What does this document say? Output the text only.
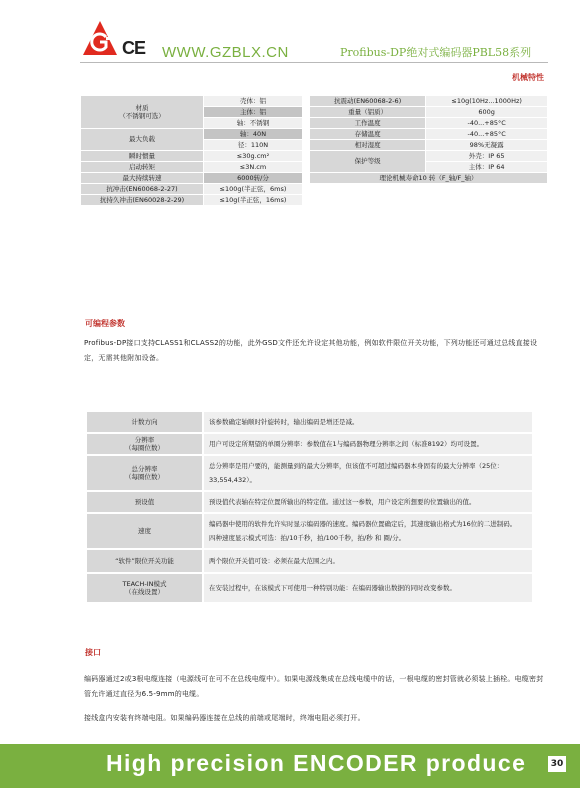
CE WWW.GZBLX.CN	Profibus-DP绝对式编码器PBL58系列
机械特性
材质
（不锈钢可选）	壳体：铝
	主体：铝
	轴：不锈钢
最大负载	轴：40N
	径：110N
瞬时惯量	≤30g.cm²
启动转矩	≤3N.cm
最大持续转速	6000转/分
抗冲击(EN60068-2-27)	≤100g(半正弦，6ms)
抗持久冲击(EN60028-2-29)	≤10g(半正弦，16ms)
抗震动(EN60068-2-6)	≤10g(10Hz...1000Hz)
重量（铝质）	600g
工作温度	-40...+85°C
存储温度	-40...+85°C
相对湿度	98%无凝露
保护等级	外壳：IP 65
	主体：IP 64
理论机械寿命10 转（F_轴/F_轴）	
可编程参数
Profibus-DP接口支持CLASS1和CLASS2的功能，此外GSD文件还允许设定其他功能，例如软件限位开关功能，下列功能还可通过总线直接设定，无需其他附加设备。
计数方向	该参数确定轴顺时针旋转时，输出编码是增还是减。
分辨率
（每圈位数）	用户可设定所期望的单圈分辨率：参数值在1与编码器物理分辨率之间（标准8192）均可设置。
总分辨率
（每圈位数）	总分辨率是用户要的，能测量到的最大分辨率，但该值不可超过编码器本身固有的最大分辨率（25位：33,554,432）。
预设值	预设值代表轴在特定位置所输出的特定值。通过这一参数，用户设定所想要的位置输出的值。
速度	编码器中使用的软件允许实时显示编码器的速度。编码器位置确定后，其速度输出格式为16位的二进制码。
四种速度显示模式可选：拍/10千秒，拍/100千秒，拍/秒 和 圈/分。
“软件”限位开关功能	两个限位开关值可设：必须在最大范围之内。
TEACH-IN模式
（在线设置）	在安装过程中，在该模式下可使用一种特别功能：在编码器输出数据的同时改变参数。
接口
编码器通过2或3根电缆连接（电源线可在可不在总线电缆中）。如果电源线集成在总线电缆中的话，一根电缆的密封管就必须装上插栓。电缆密封管允许通过直径为6.5-9mm的电缆。
接线盒内安装有终端电阻。如果编码器连接在总线的前端或尾端时，终端电阻必须打开。
High precision ENCODER produce	30
